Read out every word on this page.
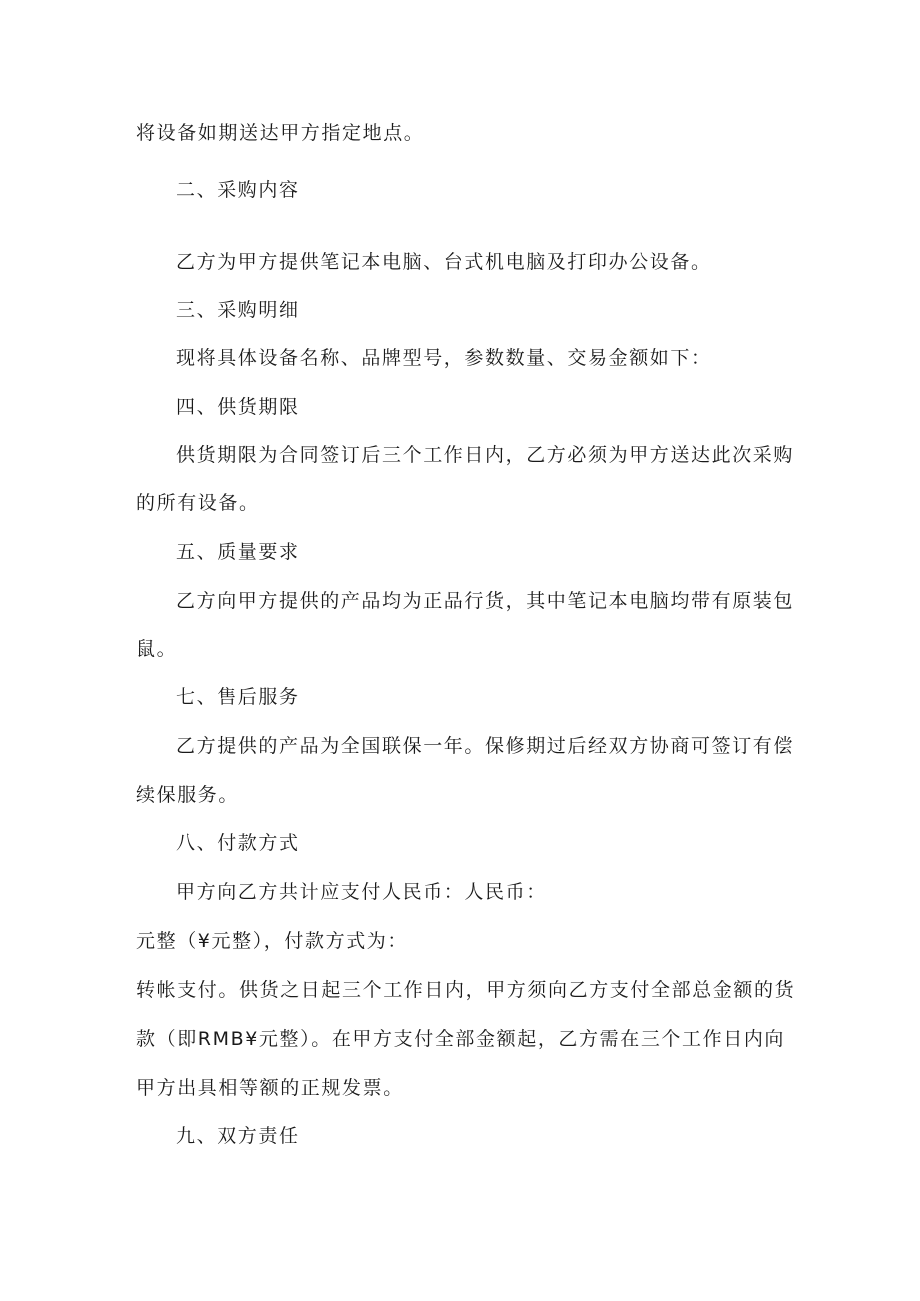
将设备如期送达甲方指定地点。
二、采购内容
乙方为甲方提供笔记本电脑、台式机电脑及打印办公设备。
三、采购明细
现将具体设备名称、品牌型号，参数数量、交易金额如下：
四、供货期限
供货期限为合同签订后三个工作日内，乙方必须为甲方送达此次采购
的所有设备。
五、质量要求
乙方向甲方提供的产品均为正品行货，其中笔记本电脑均带有原装包
鼠。
七、售后服务
乙方提供的产品为全国联保一年。保修期过后经双方协商可签订有偿
续保服务。
八、付款方式
甲方向乙方共计应支付人民币：人民币：
元整（¥元整），付款方式为：
转帐支付。供货之日起三个工作日内，甲方须向乙方支付全部总金额的货
款（即RMB¥元整）。在甲方支付全部金额起，乙方需在三个工作日内向
甲方出具相等额的正规发票。
九、双方责任
